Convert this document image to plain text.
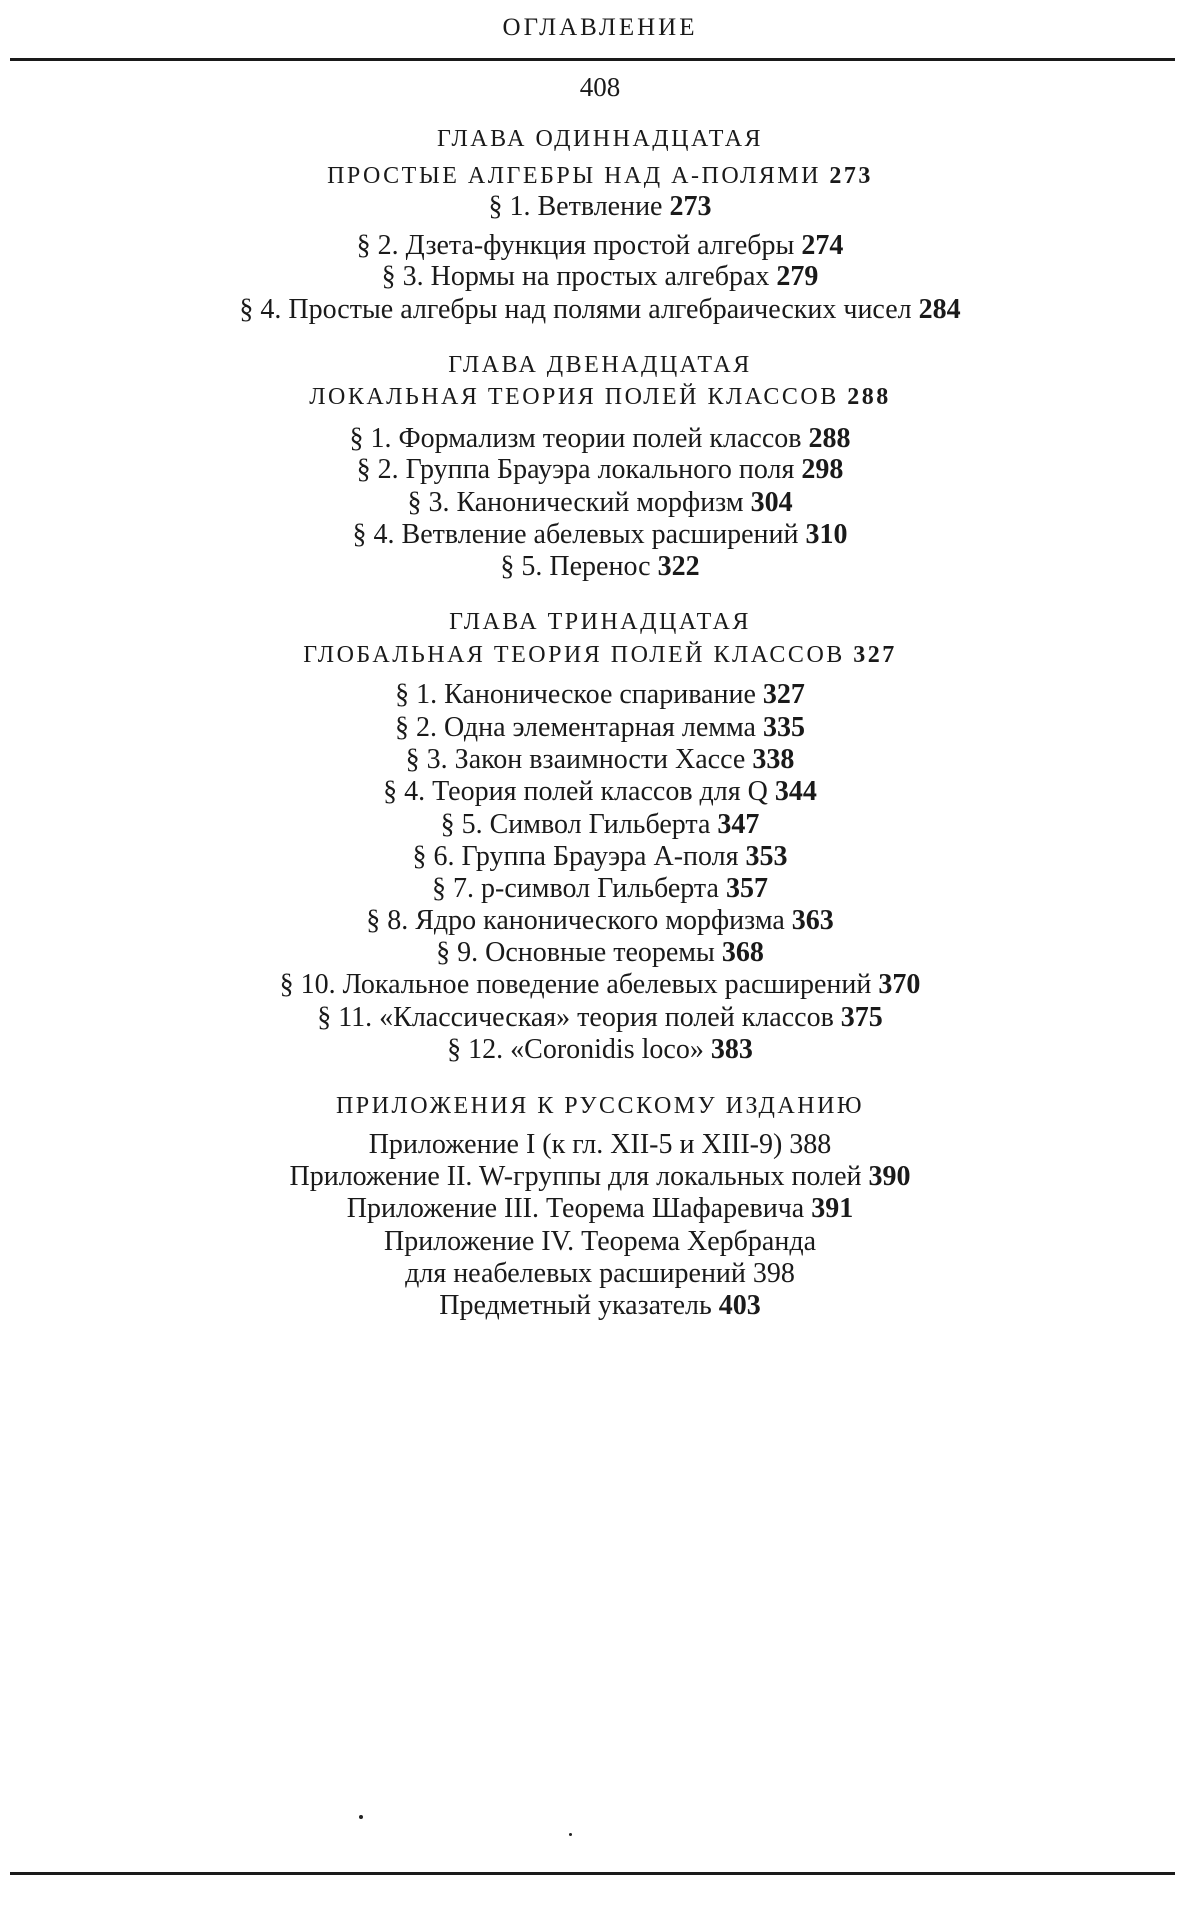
ОГЛАВЛЕНИЕ
408
ГЛАВА ОДИННАДЦАТАЯ
ПРОСТЫЕ АЛГЕБРЫ НАД А-ПОЛЯМИ 273
§ 1. Ветвление 273
§ 2. Дзета-функция простой алгебры 274
§ 3. Нормы на простых алгебрах 279
§ 4. Простые алгебры над полями алгебраических чисел 284
ГЛАВА ДВЕНАДЦАТАЯ
ЛОКАЛЬНАЯ ТЕОРИЯ ПОЛЕЙ КЛАССОВ 288
§ 1. Формализм теории полей классов 288
§ 2. Группа Брауэра локального поля 298
§ 3. Канонический морфизм 304
§ 4. Ветвление абелевых расширений 310
§ 5. Перенос 322
ГЛАВА ТРИНАДЦАТАЯ
ГЛОБАЛЬНАЯ ТЕОРИЯ ПОЛЕЙ КЛАССОВ 327
§ 1. Каноническое спаривание 327
§ 2. Одна элементарная лемма 335
§ 3. Закон взаимности Хассе 338
§ 4. Теория полей классов для Q 344
§ 5. Символ Гильберта 347
§ 6. Группа Брауэра А-поля 353
§ 7. p-символ Гильберта 357
§ 8. Ядро канонического морфизма 363
§ 9. Основные теоремы 368
§ 10. Локальное поведение абелевых расширений 370
§ 11. «Классическая» теория полей классов 375
§ 12. «Coronidis loco» 383
ПРИЛОЖЕНИЯ К РУССКОМУ ИЗДАНИЮ
Приложение I (к гл. XII-5 и XIII-9) 388
Приложение II. W-группы для локальных полей 390
Приложение III. Теорема Шафаревича 391
Приложение IV. Теорема Хербранда
для неабелевых расширений 398
Предметный указатель 403
